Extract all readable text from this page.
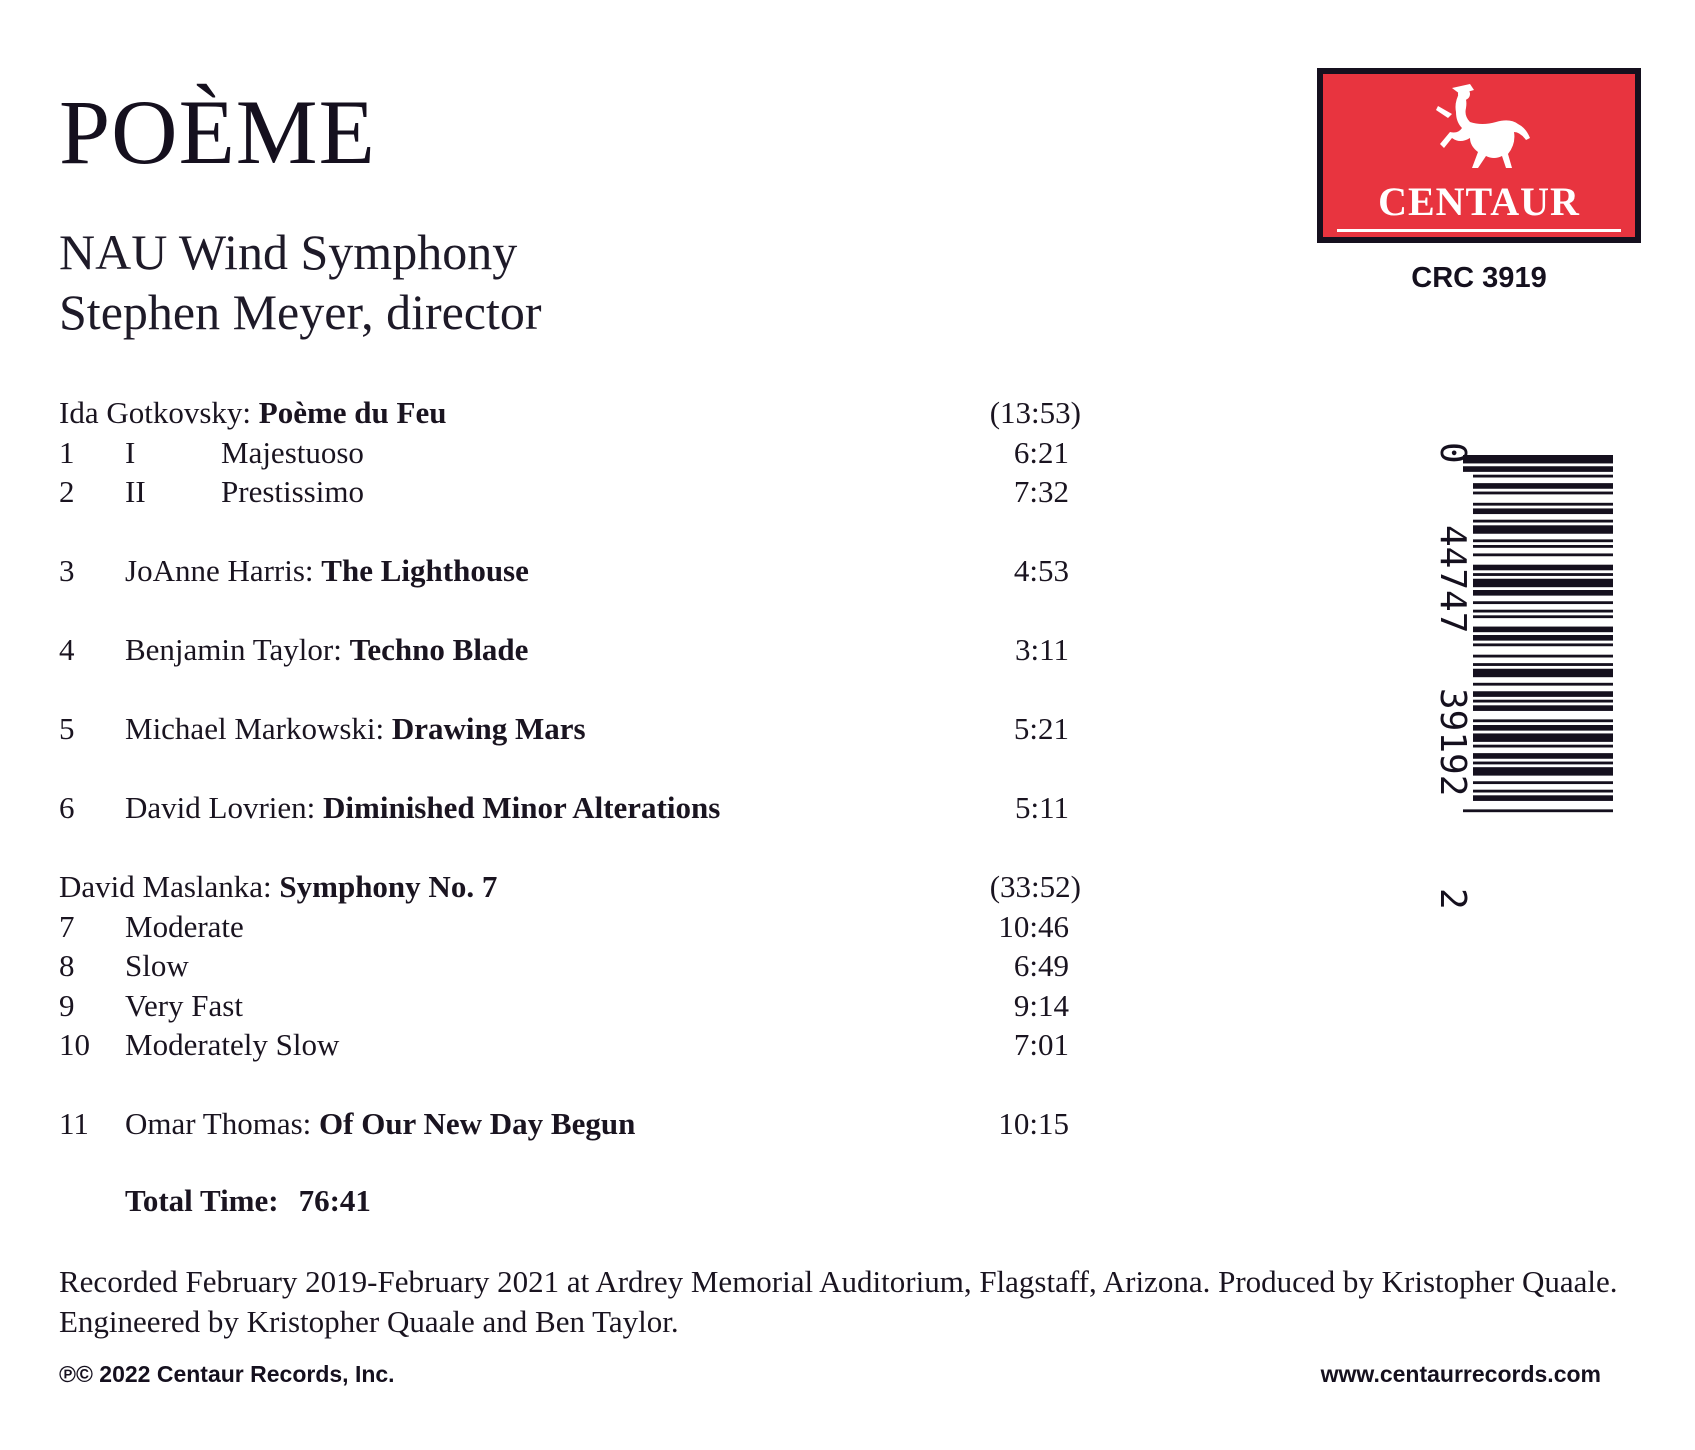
POÈME
NAU Wind Symphony
Stephen Meyer, director
CENTAUR
CRC 3919
Ida Gotkovsky: Poème du Feu	(13:53)
1 I	Majestuoso	6:21
2 II Prestissimo	7:32
3 JoAnne Harris: The Lighthouse	4:53
4 Benjamin Taylor: Techno Blade	3:11
5 Michael Markowski: Drawing Mars	5:21
6 David Lovrien: Diminished Minor Alterations	5:11
David Maslanka: Symphony No. 7	(33:52)
7 Moderate	10:46
8 Slow	6:49
9 Very Fast	9:14
10 Moderately Slow	7:01
11 Omar Thomas: Of Our New Day Begun	10:15
Total Time: 76:41
Recorded February 2019-February 2021 at Ardrey Memorial Auditorium, Flagstaff, Arizona. Produced by Kristopher Quaale. Engineered by Kristopher Quaale and Ben Taylor.
℗© 2022 Centaur Records, Inc.	www.centaurrecords.com
0
44747
39192
2
